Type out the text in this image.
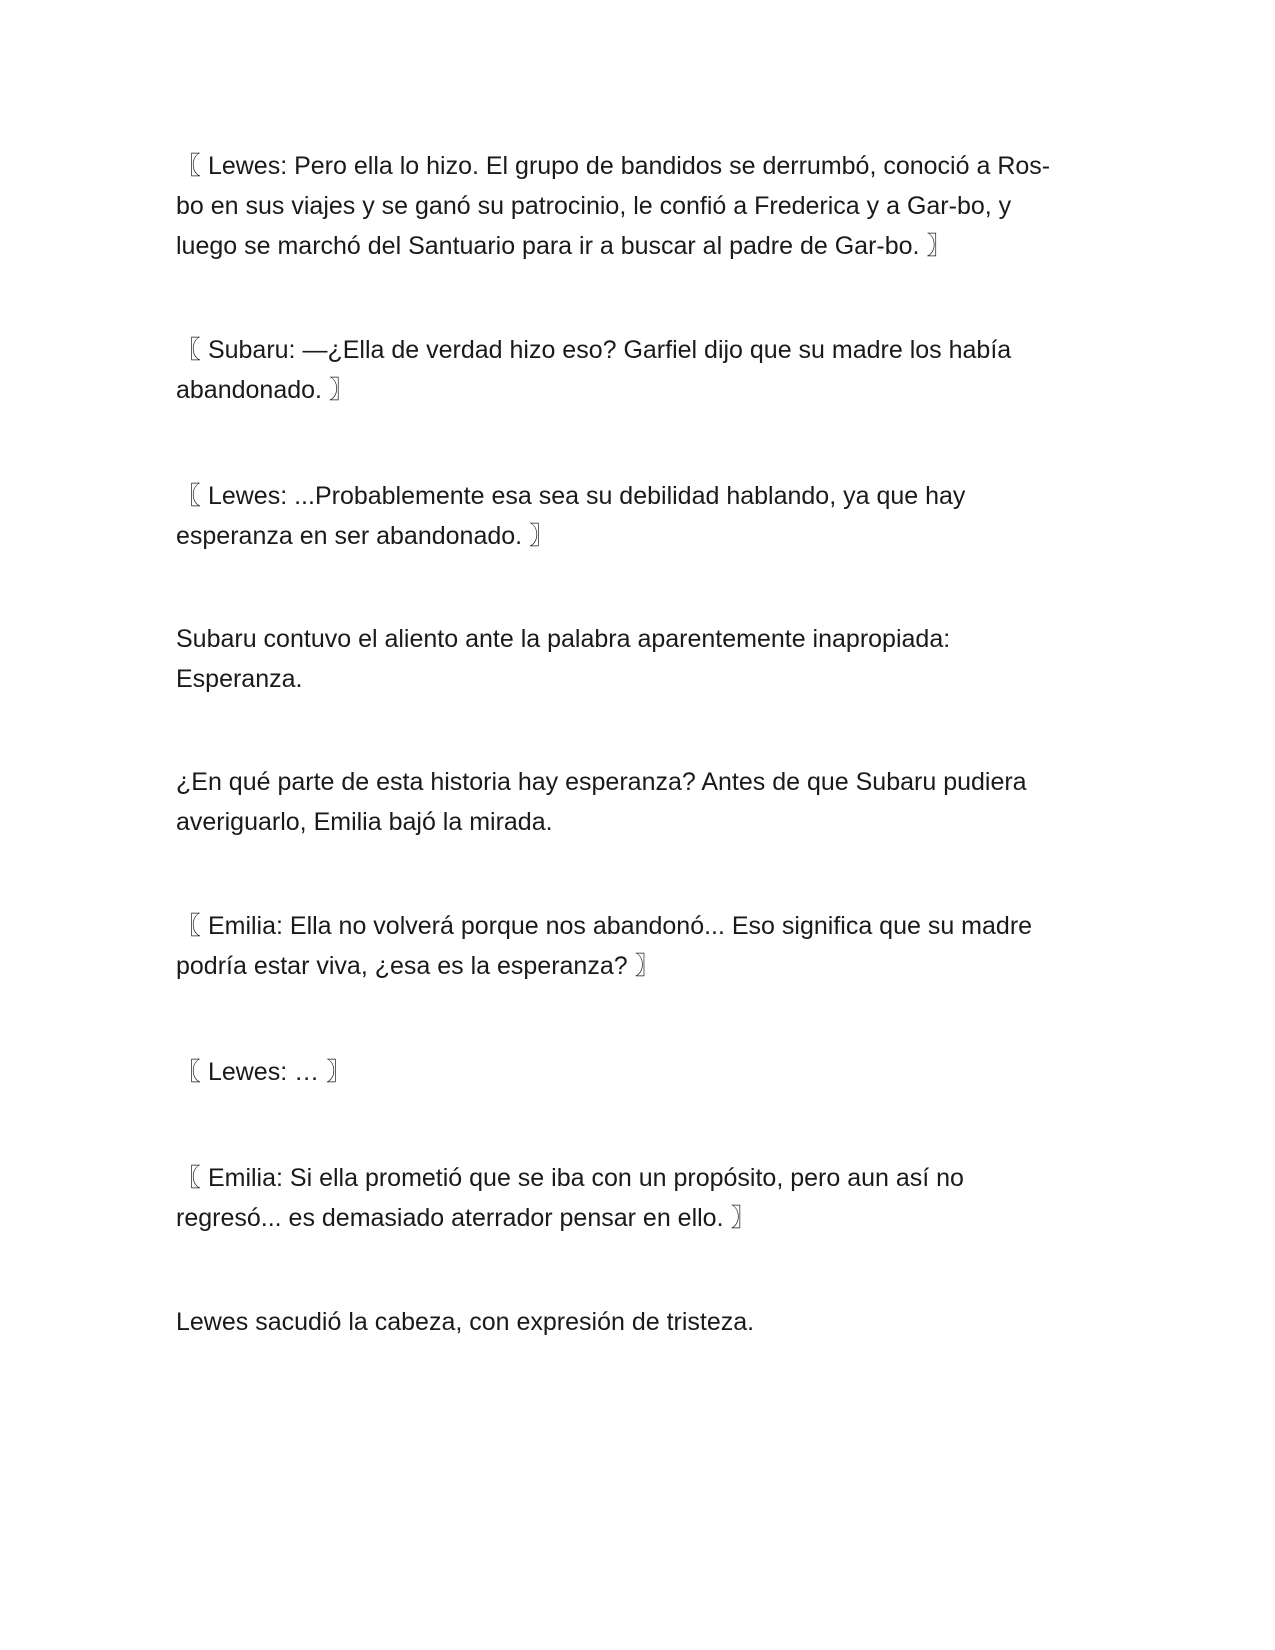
〖 Lewes: Pero ella lo hizo. El grupo de bandidos se derrumbó, conoció a Ros-
bo en sus viajes y se ganó su patrocinio, le confió a Frederica y a Gar-bo, y
luego se marchó del Santuario para ir a buscar al padre de Gar-bo. 〗
〖 Subaru: —¿Ella de verdad hizo eso? Garfiel dijo que su madre los había
abandonado. 〗
〖 Lewes: ...Probablemente esa sea su debilidad hablando, ya que hay
esperanza en ser abandonado. 〗
Subaru contuvo el aliento ante la palabra aparentemente inapropiada:
Esperanza.
¿En qué parte de esta historia hay esperanza? Antes de que Subaru pudiera
averiguarlo, Emilia bajó la mirada.
〖 Emilia: Ella no volverá porque nos abandonó... Eso significa que su madre
podría estar viva, ¿esa es la esperanza? 〗
〖 Lewes: … 〗
〖 Emilia: Si ella prometió que se iba con un propósito, pero aun así no
regresó... es demasiado aterrador pensar en ello. 〗
Lewes sacudió la cabeza, con expresión de tristeza.
